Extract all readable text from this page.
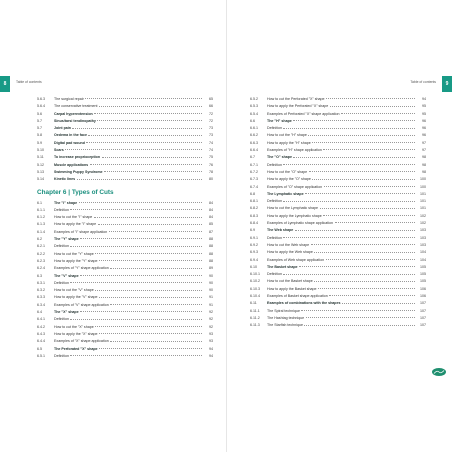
8	Table of contents
5.6.3	The surgical repair	65
5.6.4	The conservative treatment	66
5.6	Carpal hyperextension	72
5.7	Sinus/tarsi tendinopathy	72
5.7	Joint pain	73
5.8	Oedema in the face	73
5.9	Digital pad wound	74
5.10	Scars	74
5.11	To increase proprioception	75
5.12	Muscle applications	76
5.13	Swimming Puppy Syndrome	78
5.14	Kinetic lines	80
Chapter 6 | Types of Cuts
6.1	The "I" shape	84
6.1.1	Definition	84
6.1.2	How to cut the "I" shape	84
6.1.3	How to apply the "I" shape	85
6.1.4	Examples of "I" shape application	87
6.2	The "Y" shape	88
6.2.1	Definition	88
6.2.2	How to cut the "Y" shape	88
6.2.3	How to apply the "Y" shape	88
6.2.4	Examples of "Y" shape application	89
6.3	The "V" shape	90
6.3.1	Definition	90
6.3.2	How to cut the "V" shape	90
6.3.3	How to apply the "V" shape	91
6.3.4	Examples of "V" shape application	91
6.4	The "X" shape	92
6.4.1	Definition	92
6.4.2	How to cut the "X" shape	92
6.4.3	How to apply the "X" shape	93
6.4.4	Examples of "X" shape application	93
6.5	The Perforated "X" shape	94
6.5.1	Definition	94
9
Table of contents
6.5.2	How to cut the Perforated "X" shape	94
6.5.3	How to apply the Perforated "X" shape	95
6.5.4	Examples of Perforated "X" shape application	95
6.6	The "H" shape	96
6.6.1	Definition	96
6.6.2	How to cut the "H" shape	96
6.6.3	How to apply the "H" shape	97
6.6.4	Examples of "H" shape application	97
6.7	The "O" shape	98
6.7.1	Definition	98
6.7.2	How to cut the "O" shape	98
6.7.3	How to apply the "O" shape	100
6.7.4	Examples of "O" shape application	100
6.8	The Lymphatic shape	101
6.8.1	Definition	101
6.8.2	How to cut the Lymphatic shape	101
6.8.3	How to apply the Lymphatic shape	102
6.8.4	Examples of Lymphatic shape application	102
6.9	The Web shape	103
6.9.1	Definition	103
6.9.2	How to cut the Web shape	103
6.9.3	How to apply the Web shape	104
6.9.4	Examples of Web shape application	104
6.10	The Basket shape	105
6.10.1	Definition	105
6.10.2	How to cut the Basket shape	105
6.10.3	How to apply the Basket shape	106
6.10.4	Examples of Basket shape application	106
6.11	Examples of combinations with the shapes	107
6.11.1	The Spiral technique	107
6.11.2	The Hashtag technique	107
6.11.3	The Starfish technique	107
